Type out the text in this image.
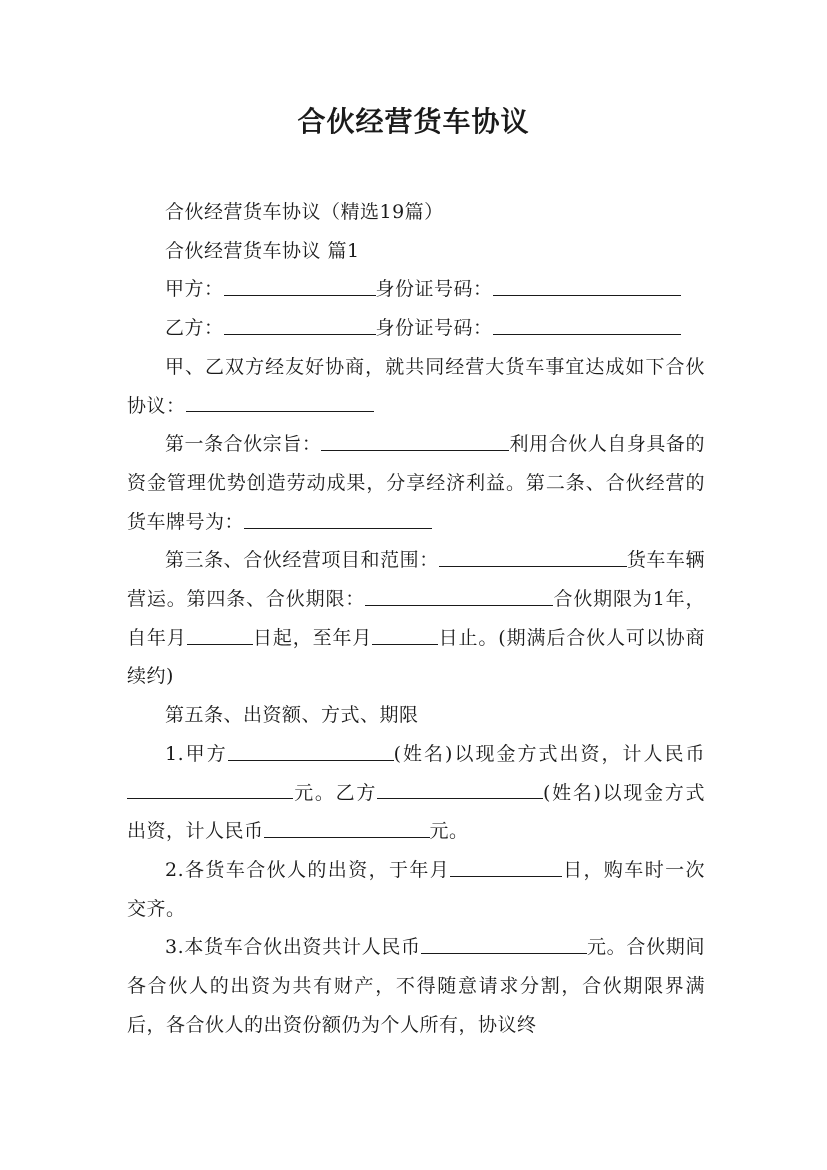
合伙经营货车协议

合伙经营货车协议（精选19篇）

合伙经营货车协议 篇1

甲方：	身份证号码：

乙方：	身份证号码：

甲、乙双方经友好协商，就共同经营大货车事宜达成如下合伙协议：

第一条合伙宗旨：	利用合伙人自身具备的资金管理优势创造劳动成果，分享经济利益。第二条、合伙经营的货车牌号为：

第三条、合伙经营项目和范围：	货车车辆营运。第四条、合伙期限：	合伙期限为1年，自年月	日起，至年月	日止。(期满后合伙人可以协商续约)

第五条、出资额、方式、期限

1.甲方	(姓名)以现金方式出资，计人民币元。乙方	(姓名)以现金方式出资，计人民币	元。

2.各货车合伙人的出资，于年月	日，购车时一次交齐。

3.本货车合伙出资共计人民币	元。合伙期间各合伙人的出资为共有财产，不得随意请求分割，合伙期限界满后，各合伙人的出资份额仍为个人所有，协议终
